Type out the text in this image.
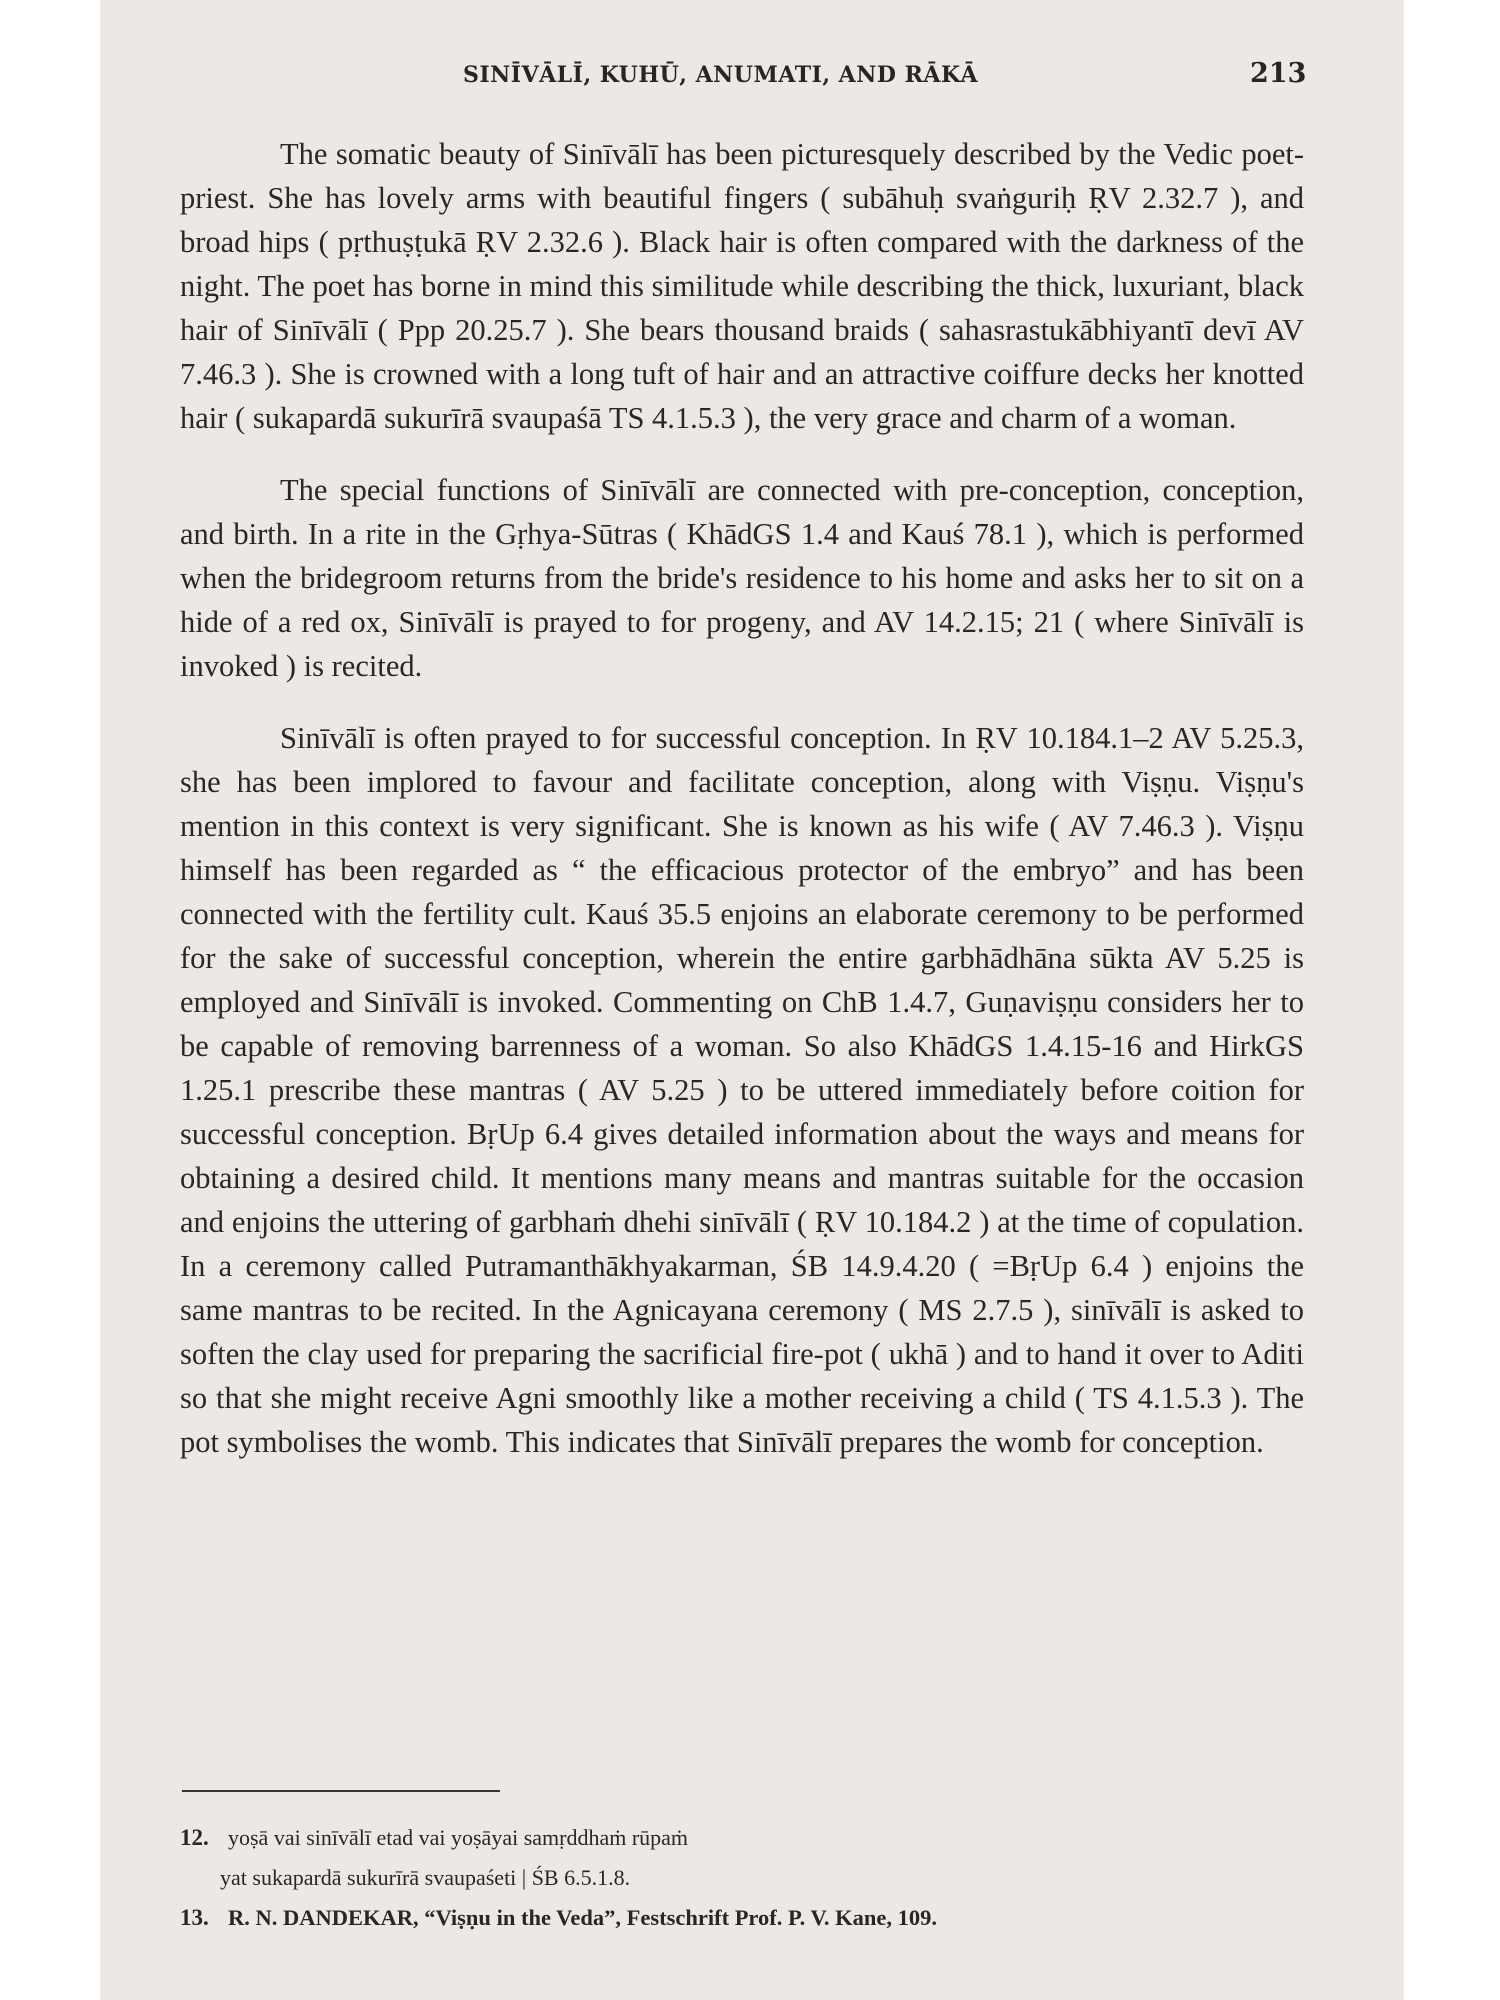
SINĪVĀLĪ, KUHŪ, ANUMATI, AND RĀKĀ	213

The somatic beauty of Sinīvālī has been picturesquely described by the Vedic poet-priest. She has lovely arms with beautiful fingers ( subāhuḥ svaṅguriḥ ṚV 2.32.7 ), and broad hips ( pṛthuṣṭukā ṚV 2.32.6 ). Black hair is often compared with the darkness of the night. The poet has borne in mind this similitude while describing the thick, luxuriant, black hair of Sinīvālī ( Ppp 20.25.7 ). She bears thousand braids ( sahasrastukābhiyantī devī AV 7.46.3 ). She is crowned with a long tuft of hair and an attractive coiffure decks her knotted hair ( sukapardā sukurīrā svaupaśā TS 4.1.5.3 ), the very grace and charm of a woman.

The special functions of Sinīvālī are connected with pre-conception, conception, and birth. In a rite in the Gṛhya-Sūtras ( KhādGS 1.4 and Kauś 78.1 ), which is performed when the bridegroom returns from the bride's residence to his home and asks her to sit on a hide of a red ox, Sinīvālī is prayed to for progeny, and AV 14.2.15; 21 ( where Sinīvālī is invoked ) is recited.

Sinīvālī is often prayed to for successful conception. In ṚV 10.184.1–2 AV 5.25.3, she has been implored to favour and facilitate conception, along with Viṣṇu. Viṣṇu's mention in this context is very significant. She is known as his wife ( AV 7.46.3 ). Viṣṇu himself has been regarded as “ the efficacious protector of the embryo” and has been connected with the fertility cult. Kauś 35.5 enjoins an elaborate ceremony to be performed for the sake of successful conception, wherein the entire garbhādhāna sūkta AV 5.25 is employed and Sinīvālī is invoked. Commenting on ChB 1.4.7, Guṇaviṣṇu considers her to be capable of removing barrenness of a woman. So also KhādGS 1.4.15-16 and HirkGS 1.25.1 prescribe these mantras ( AV 5.25 ) to be uttered immediately before coition for successful conception. BṛUp 6.4 gives detailed information about the ways and means for obtaining a desired child. It mentions many means and mantras suitable for the occasion and enjoins the uttering of garbhaṁ dhehi sinīvālī ( ṚV 10.184.2 ) at the time of copulation. In a ceremony called Putramanthākhyakarman, ŚB 14.9.4.20 ( =BṛUp 6.4 ) enjoins the same mantras to be recited. In the Agnicayana ceremony ( MS 2.7.5 ), sinīvālī is asked to soften the clay used for preparing the sacrificial fire-pot ( ukhā ) and to hand it over to Aditi so that she might receive Agni smoothly like a mother receiving a child ( TS 4.1.5.3 ). The pot symbolises the womb. This indicates that Sinīvālī prepares the womb for conception.

12. yoṣā vai sinīvālī etad vai yoṣāyai samṛddhaṁ rūpaṁ
yat sukapardā sukurīrā svaupaśeti | ŚB 6.5.1.8.
13. R. N. DANDEKAR, “Viṣṇu in the Veda”, Festschrift Prof. P. V. Kane, 109.
